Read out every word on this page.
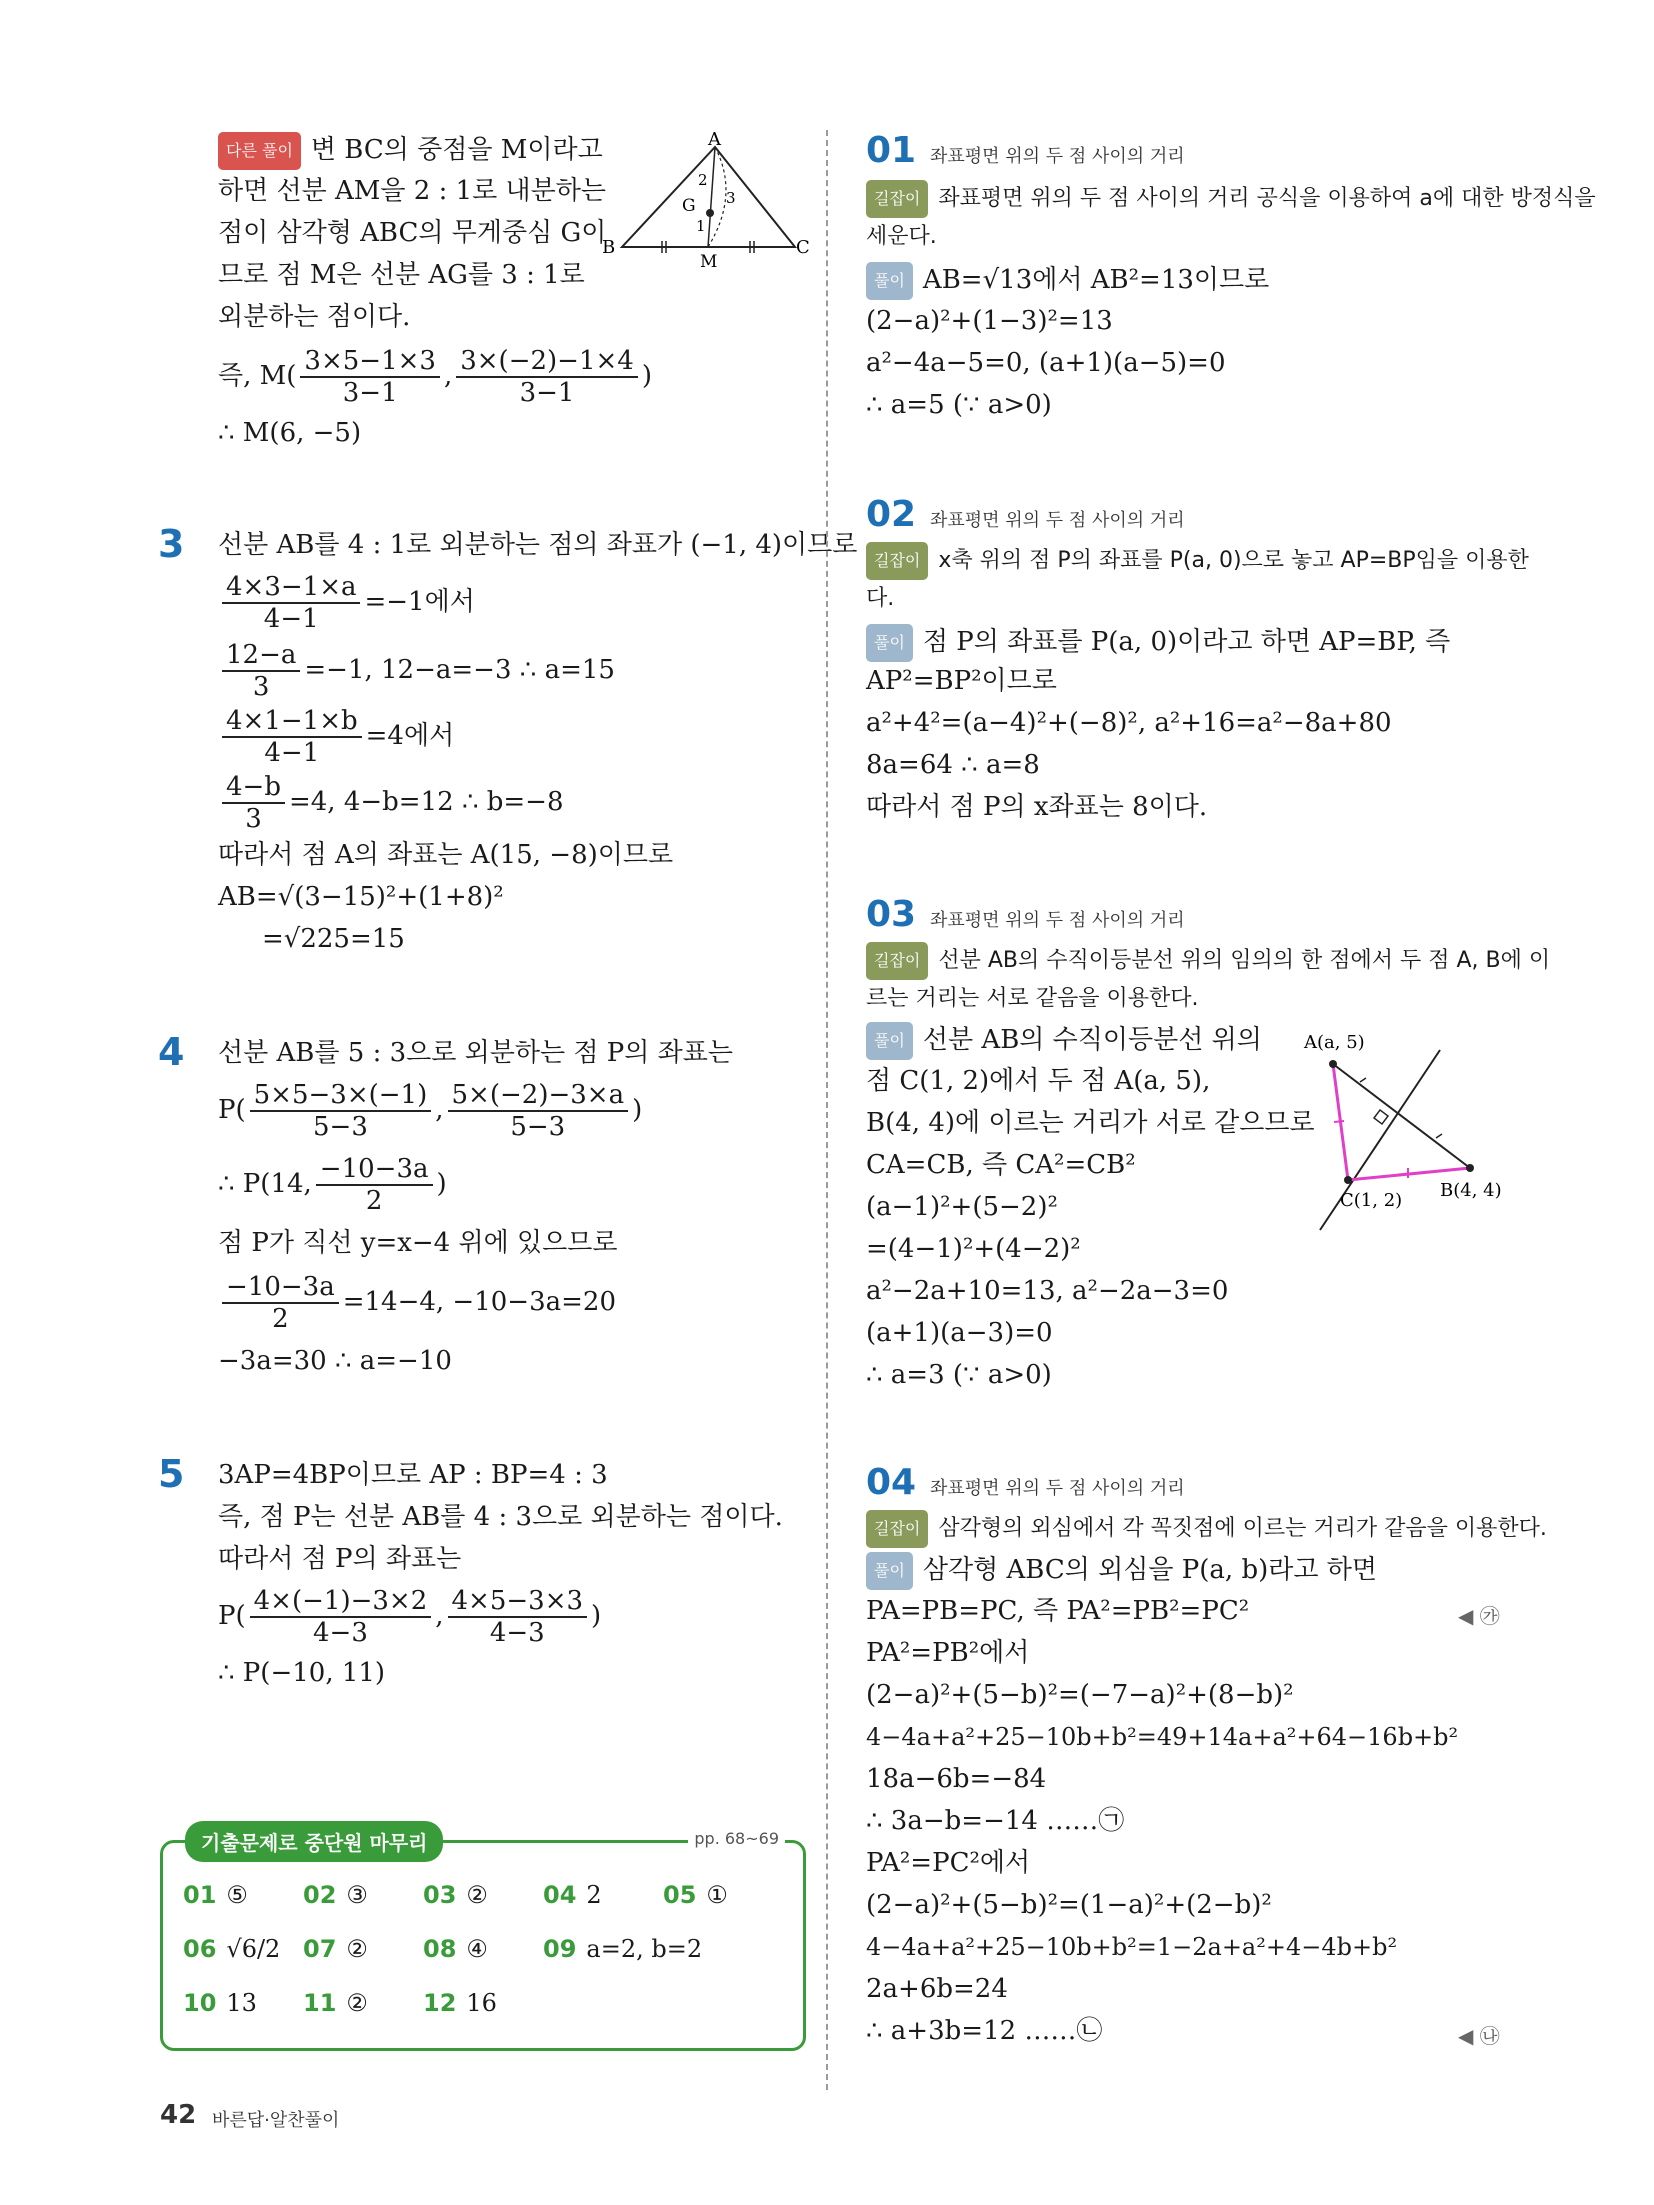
다른 풀이 변 BC의 중점을 M이라고
하면 선분 AM을 2 : 1로 내분하는
점이 삼각형 ABC의 무게중심 G이
므로 점 M은 선분 AG를 3 : 1로
외분하는 점이다.
A
B	C
G
M
2
1
3
즉, $M( \frac{3\times 5-1\times 3}{3-1}$ , $\frac{3\times(-2)-1\times 4}{3-1}$ )
∴ M(6, −5)
3 선분 AB를 4 : 1로 외분하는 점의 좌표가 (−1, 4)이므로
$\frac{4\times 3-1\times a}{4-1} =-1$에서
$\frac{12-a}{3} =-1$, 12−a=−3 ∴ a=15
$\frac{4\times 1-1\times b}{4-1} =4$에서
$\frac{4-b}{3} =4$, 4−b=12 ∴ b=−8
따라서 점 A의 좌표는 A(15, −8)이므로
AB=√(3−15)²+(1+8)²
=√225=15
4 선분 AB를 5 : 3으로 외분하는 점 P의 좌표는
$P( \frac{5\times 5-3\times(-1)}{5-3}$ , $\frac{5\times(-2)-3\times a}{5-3}$ )
∴ P(14, $\frac{-10-3a}{2}$ )
점 P가 직선 y=x−4 위에 있으므로
$\frac{-10-3a}{2} =14-4$, −10−3a=20
−3a=30 ∴ a=−10
5 3AP=4BP이므로 AP : BP=4 : 3
즉, 점 P는 선분 AB를 4 : 3으로 외분하는 점이다.
따라서 점 P의 좌표는
$P( \frac{4\times(-1)-3\times 2}{4-3}$ , $\frac{4\times 5-3\times 3}{4-3}$ )
∴ P(−10, 11)
기출문제로 중단원 마무리	pp. 68~69
01 ⑤ 02 ③ 03 ② 04 2	05 ①
06 √6/2 07 ② 08 ④ 09 a=2, b=2
10 13 11 ② 12 16
01 좌표평면 위의 두 점 사이의 거리
길잡이 좌표평면 위의 두 점 사이의 거리 공식을 이용하여 a에 대한 방정식을
세운다.
풀이 AB=√13에서 AB²=13이므로
(2−a)²+(1−3)²=13
a²−4a−5=0, (a+1)(a−5)=0
∴ a=5 (∵ a>0)
02 좌표평면 위의 두 점 사이의 거리
길잡이 x축 위의 점 P의 좌표를 P(a, 0)으로 놓고 AP=BP임을 이용한
다.
풀이 점 P의 좌표를 P(a, 0)이라고 하면 AP=BP, 즉
AP²=BP²이므로
a²+4²=(a−4)²+(−8)², a²+16=a²−8a+80
8a=64 ∴ a=8
따라서 점 P의 x좌표는 8이다.
03 좌표평면 위의 두 점 사이의 거리
길잡이 선분 AB의 수직이등분선 위의 임의의 한 점에서 두 점 A, B에 이
르는 거리는 서로 같음을 이용한다.
풀이 선분 AB의 수직이등분선 위의
점 C(1, 2)에서 두 점 A(a, 5),
B(4, 4)에 이르는 거리가 서로 같으므로
CA=CB, 즉 CA²=CB²
(a−1)²+(5−2)²
=(4−1)²+(4−2)²
a²−2a+10=13, a²−2a−3=0
(a+1)(a−3)=0
∴ a=3 (∵ a>0)
A(a, 5)
B(4, 4)
C(1, 2)
04 좌표평면 위의 두 점 사이의 거리
길잡이 삼각형의 외심에서 각 꼭짓점에 이르는 거리가 같음을 이용한다.
풀이 삼각형 ABC의 외심을 P(a, b)라고 하면
PA=PB=PC, 즉 PA²=PB²=PC²	◀ ㉮
PA²=PB²에서
(2−a)²+(5−b)²=(−7−a)²+(8−b)²
4−4a+a²+25−10b+b²=49+14a+a²+64−16b+b²
18a−6b=−84
∴ 3a−b=−14 ……㉠
PA²=PC²에서
(2−a)²+(5−b)²=(1−a)²+(2−b)²
4−4a+a²+25−10b+b²=1−2a+a²+4−4b+b²
2a+6b=24
∴ a+3b=12 ……㉡	◀ ㉯
42 바른답·알찬풀이
